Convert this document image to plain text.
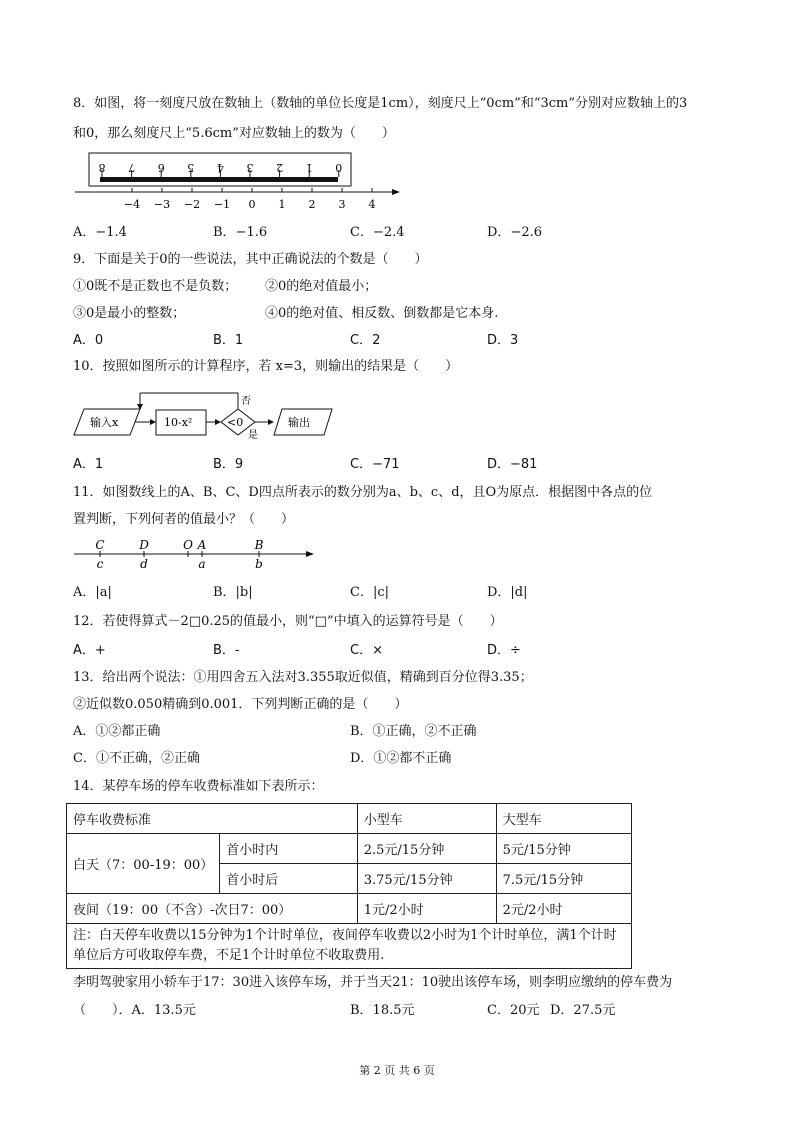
8．如图，将一刻度尺放在数轴上（数轴的单位长度是1cm），刻度尺上“0cm”和“3cm”分别对应数轴上的3
和0，那么刻度尺上“5.6cm”对应数轴上的数为（　　）
8 7 6 5 4 3 2 1 0
−4 −3 −2 −1 0 1 2 3 4
A．−1.4	B．−1.6	C．−2.4	D．−2.6
9．下面是关于0的一些说法，其中正确说法的个数是（　　）
①0既不是正数也不是负数； ②0的绝对值最小；
③0是最小的整数；	④0的绝对值、相反数、倒数都是它本身.
A．0	B．1	C．2	D．3
10．按照如图所示的计算程序，若 x=3，则输出的结果是（　　）
输入x	10-x²	<0
否
是
输出
A．1	B．9	C．−71	D．−81
11．如图数线上的A、B、C、D四点所表示的数分别为a、b、c、d，且O为原点．根据图中各点的位
置判断，下列何者的值最小？（　　）
C
c
D
d
O A
a
B
b
A．|a|	B．|b|	C．|c|	D．|d|
12．若使得算式－2□0.25的值最小，则“□”中填入的运算符号是（　　）
A．+	B．-	C．×	D．÷
13．给出两个说法：①用四舍五入法对3.355取近似值，精确到百分位得3.35；
②近似数0.050精确到0.001．下列判断正确的是（　　）
A．①②都正确	B．①正确，②不正确
C．①不正确，②正确	D．①②都不正确
14．某停车场的停车收费标准如下表所示：
停车收费标准		小型车	大型车
白天（7：00-19：00）	首小时内	2.5元/15分钟	5元/15分钟
	首小时后	3.75元/15分钟	7.5元/15分钟
夜间（19：00（不含）-次日7：00）		1元/2小时	2元/2小时
注：白天停车收费以15分钟为1个计时单位，夜间停车收费以2小时为1个计时单位，满1个计时单位后方可收取停车费，不足1个计时单位不收取费用.			
李明驾驶家用小轿车于17：30进入该停车场，并于当天21：10驶出该停车场，则李明应缴纳的停车费为
（　　）．A．13.5元	B．18.5元	C．20元 D．27.5元
第 2 页 共 6 页
